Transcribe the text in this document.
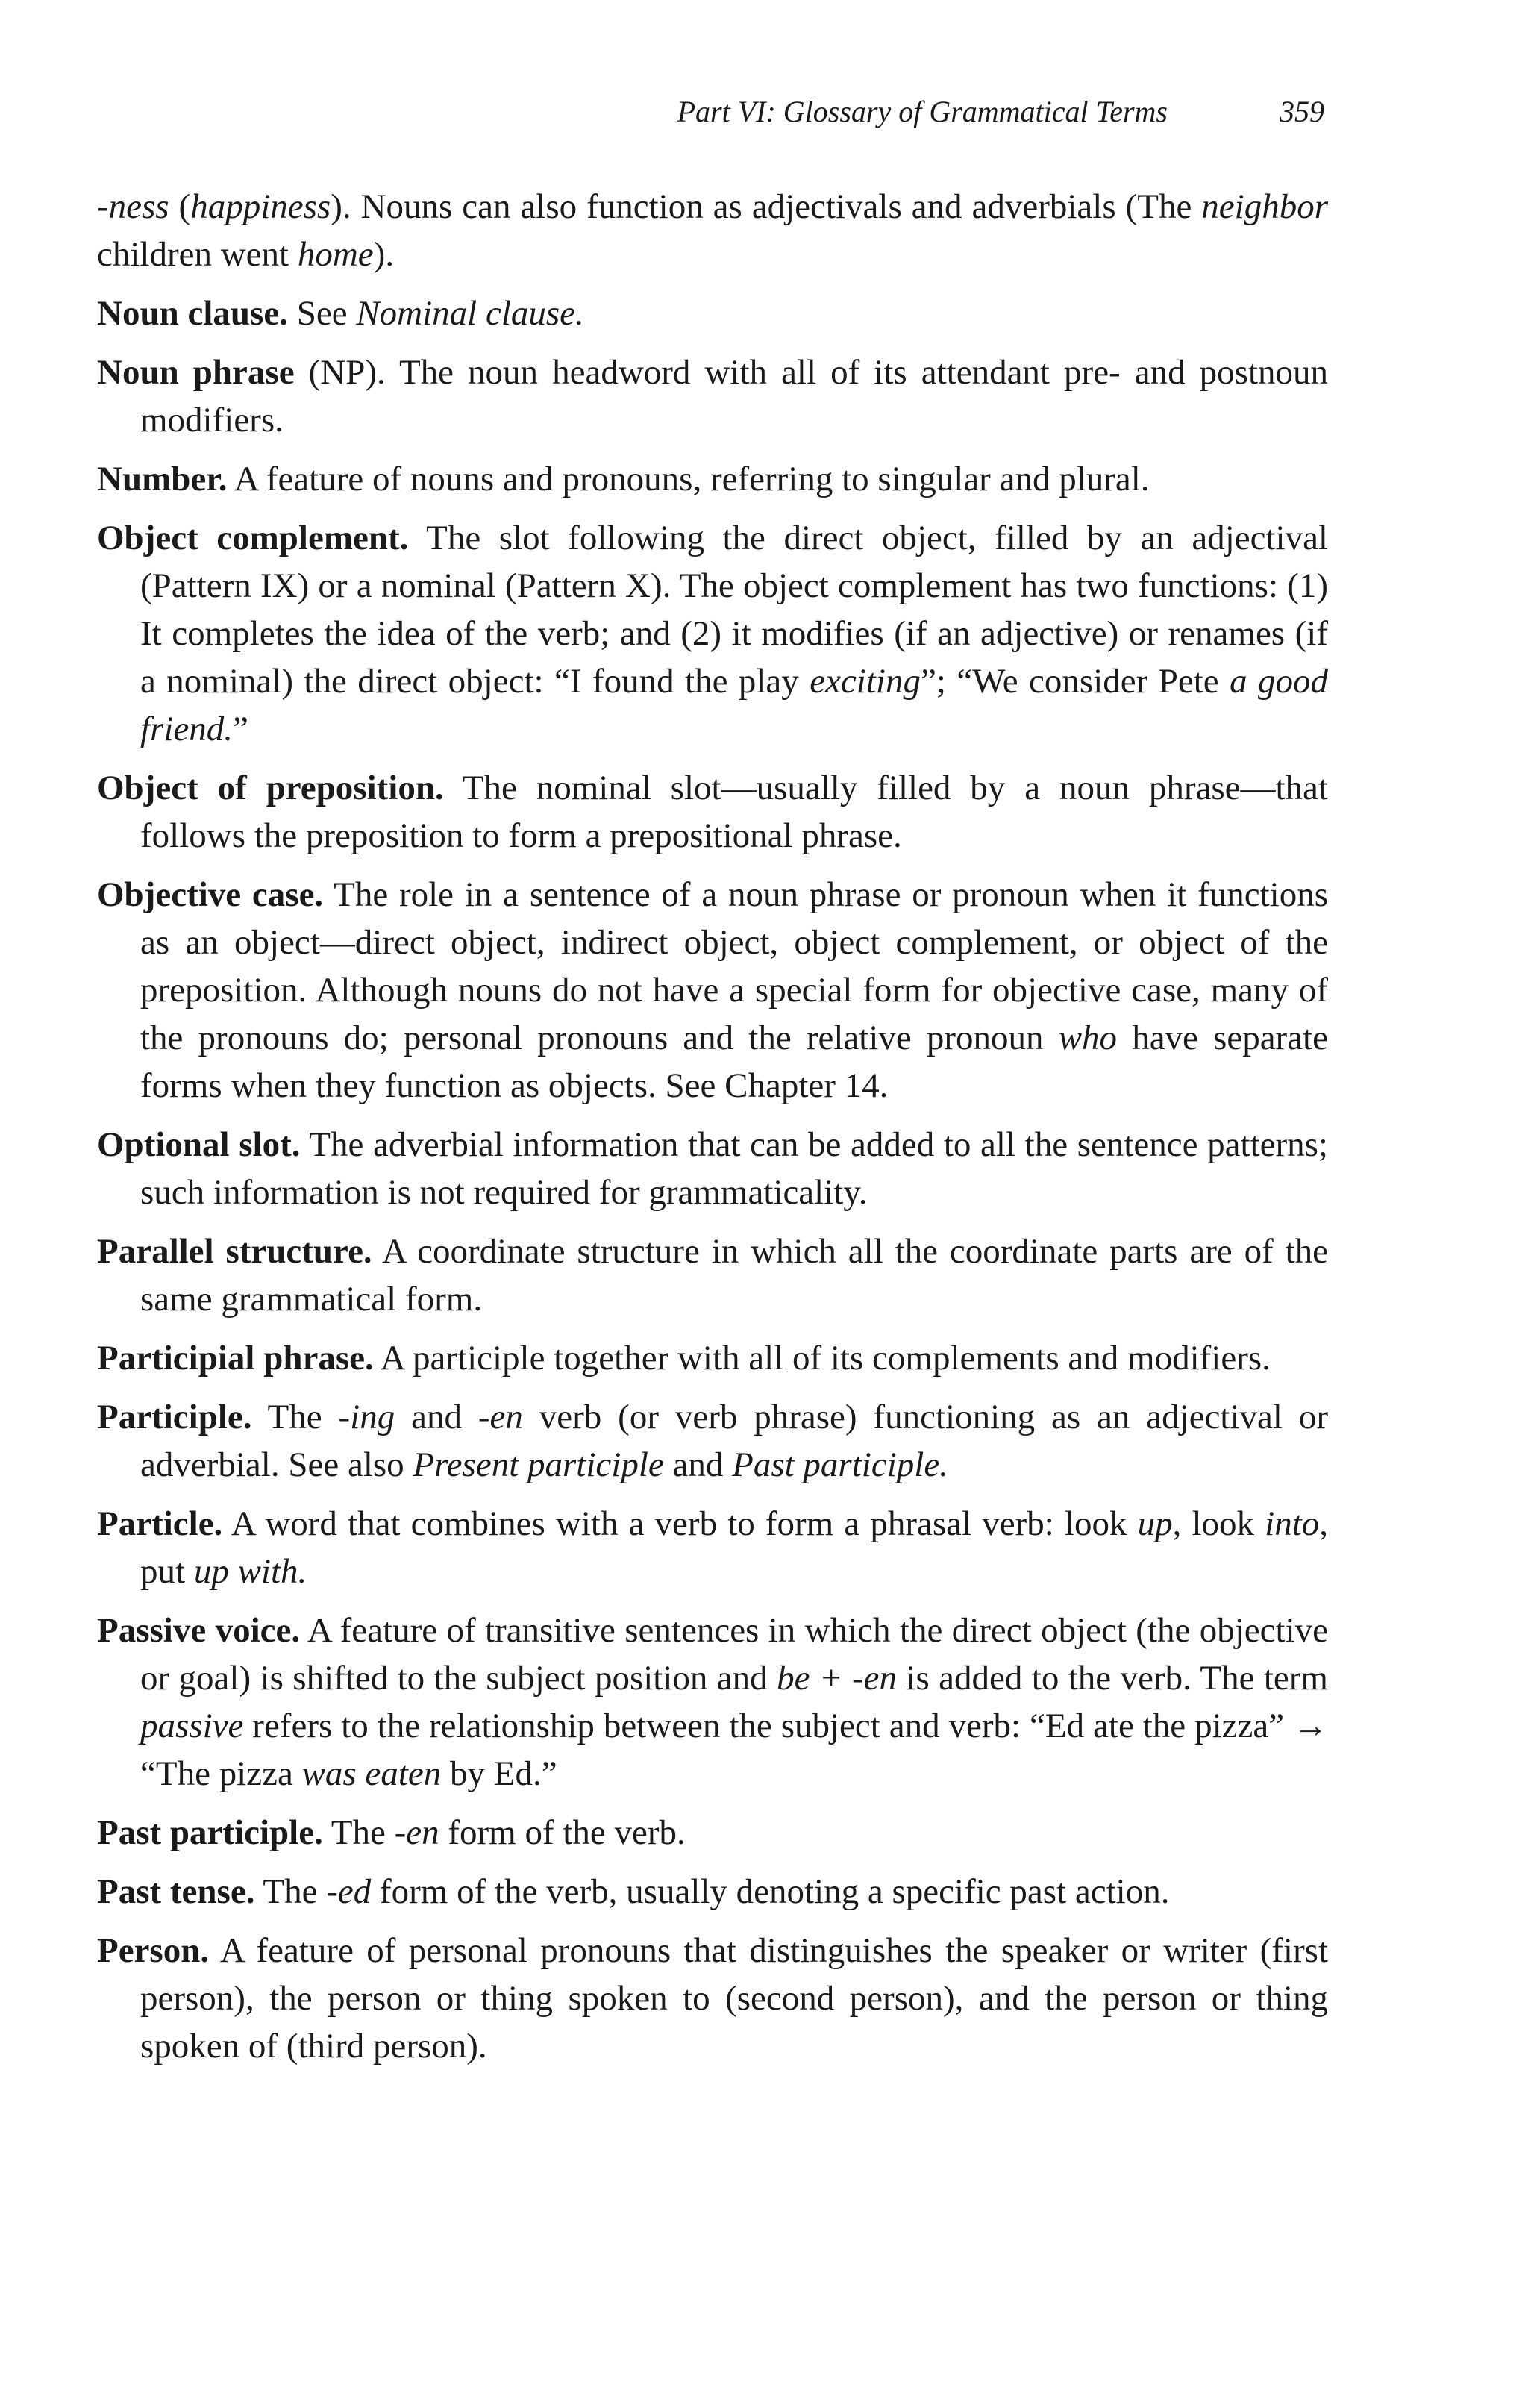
Part VI: Glossary of Grammatical Terms	359

-ness (happiness). Nouns can also function as adjectivals and adverbials (The neighbor children went home).

Noun clause. See Nominal clause.

Noun phrase (NP). The noun headword with all of its attendant pre- and postnoun modifiers.

Number. A feature of nouns and pronouns, referring to singular and plural.

Object complement. The slot following the direct object, filled by an adjectival (Pattern IX) or a nominal (Pattern X). The object complement has two functions: (1) It completes the idea of the verb; and (2) it modifies (if an adjective) or renames (if a nominal) the direct object: “I found the play exciting”; “We consider Pete a good friend.”

Object of preposition. The nominal slot—usually filled by a noun phrase—that follows the preposition to form a prepositional phrase.

Objective case. The role in a sentence of a noun phrase or pronoun when it functions as an object—direct object, indirect object, object complement, or object of the preposition. Although nouns do not have a special form for objective case, many of the pronouns do; personal pronouns and the relative pronoun who have separate forms when they function as objects. See Chapter 14.

Optional slot. The adverbial information that can be added to all the sentence patterns; such information is not required for grammaticality.

Parallel structure. A coordinate structure in which all the coordinate parts are of the same grammatical form.

Participial phrase. A participle together with all of its complements and modifiers.

Participle. The -ing and -en verb (or verb phrase) functioning as an adjectival or adverbial. See also Present participle and Past participle.

Particle. A word that combines with a verb to form a phrasal verb: look up, look into, put up with.

Passive voice. A feature of transitive sentences in which the direct object (the objective or goal) is shifted to the subject position and be + -en is added to the verb. The term passive refers to the relationship between the subject and verb: “Ed ate the pizza” → “The pizza was eaten by Ed.”

Past participle. The -en form of the verb.

Past tense. The -ed form of the verb, usually denoting a specific past action.

Person. A feature of personal pronouns that distinguishes the speaker or writer (first person), the person or thing spoken to (second person), and the person or thing spoken of (third person).
